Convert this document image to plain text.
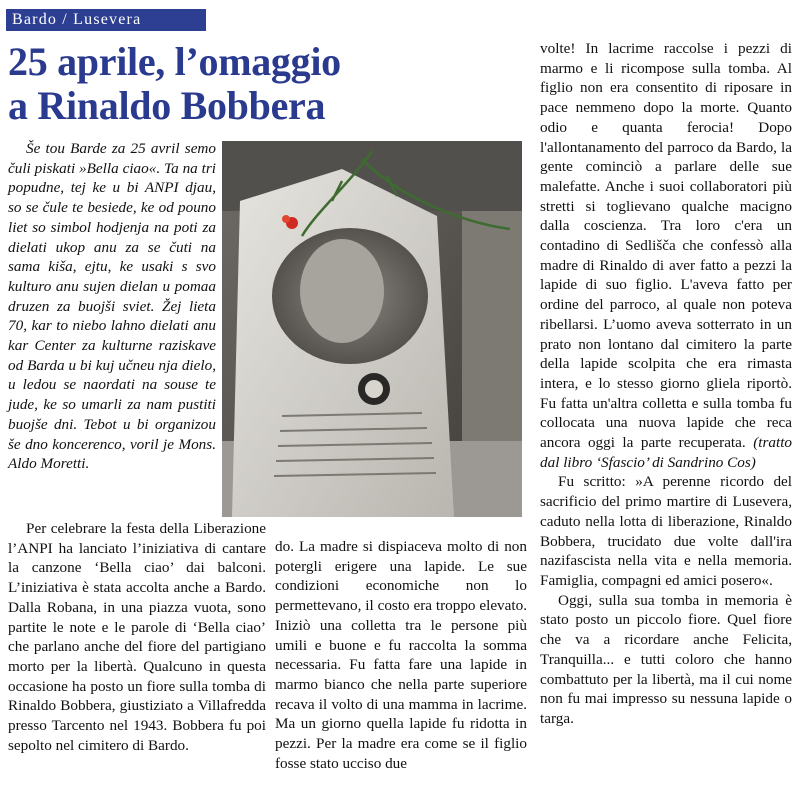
Bardo / Lusevera
25 aprile, l’omaggio
a Rinaldo Bobbera

Še tou Barde za 25 avril semo čuli piskati »Bella ciao«. Ta na tri popudne, tej ke u bi ANPI djau, so se čule te besiede, ke od pouno liet so simbol hodjenja na poti za dielati ukop anu za se čuti na sama kiša, ejtu, ke usaki s svo kulturo anu sujen dielan u pomaa druzen za buojši sviet. Žej lieta 70, kar to niebo lahno dielati anu kar Center za kulturne raziskave od Barda u bi kuj učneu nja dielo, u ledou se naordati na souse te jude, ke so umarli za nam pustiti buojše dni. Tebot u bi organizou še dno koncerenco, voril je Mons. Aldo Moretti.

Per celebrare la festa della Liberazione l’ANPI ha lanciato l’iniziativa di cantare la canzone ‘Bella ciao’ dai balconi. L’iniziativa è stata accolta anche a Bardo. Dalla Robana, in una piazza vuota, sono partite le note e le parole di ‘Bella ciao’ che parlano anche del fiore del partigiano morto per la libertà. Qualcuno in questa occasione ha posto un fiore sulla tomba di Rinaldo Bobbera, giustiziato a Villafredda presso Tarcento nel 1943. Bobbera fu poi sepolto nel cimitero di Bardo.

do. La madre si dispiaceva molto di non potergli erigere una lapide. Le sue condizioni economiche non lo permettevano, il costo era troppo elevato. Iniziò una colletta tra le persone più umili e buone e fu raccolta la somma necessaria. Fu fatta fare una lapide in marmo bianco che nella parte superiore recava il volto di una mamma in lacrime. Ma un giorno quella lapide fu ridotta in pezzi. Per la madre era come se il figlio fosse stato ucciso due

volte! In lacrime raccolse i pezzi di marmo e li ricompose sulla tomba. Al figlio non era consentito di riposare in pace nemmeno dopo la morte. Quanto odio e quanta ferocia! Dopo l'allontanamento del parroco da Bardo, la gente cominciò a parlare delle sue malefatte. Anche i suoi collaboratori più stretti si toglievano qualche macigno dalla coscienza. Tra loro c'era un contadino di Sedliščа che confessò alla madre di Rinaldo di aver fatto a pezzi la lapide di suo figlio. L'aveva fatto per ordine del parroco, al quale non poteva ribellarsi. L’uomo aveva sotterrato in un prato non lontano dal cimitero la parte della lapide scolpita che era rimasta intera, e lo stesso giorno gliela riportò. Fu fatta un'altra colletta e sulla tomba fu collocata una nuova lapide che reca ancora oggi la parte recuperata. (tratto dal libro ‘Sfascio’ di Sandrino Cos)

Fu scritto: »A perenne ricordo del sacrificio del primo martire di Lusevera, caduto nella lotta di liberazione, Rinaldo Bobbera, trucidato due volte dall'ira nazifascista nella vita e nella memoria. Famiglia, compagni ed amici posero«.

Oggi, sulla sua tomba in memoria è stato posto un piccolo fiore. Quel fiore che va a ricordare anche Felicita, Tranquilla... e tutti coloro che hanno combattuto per la libertà, ma il cui nome non fu mai impresso su nessuna lapide o targa.
